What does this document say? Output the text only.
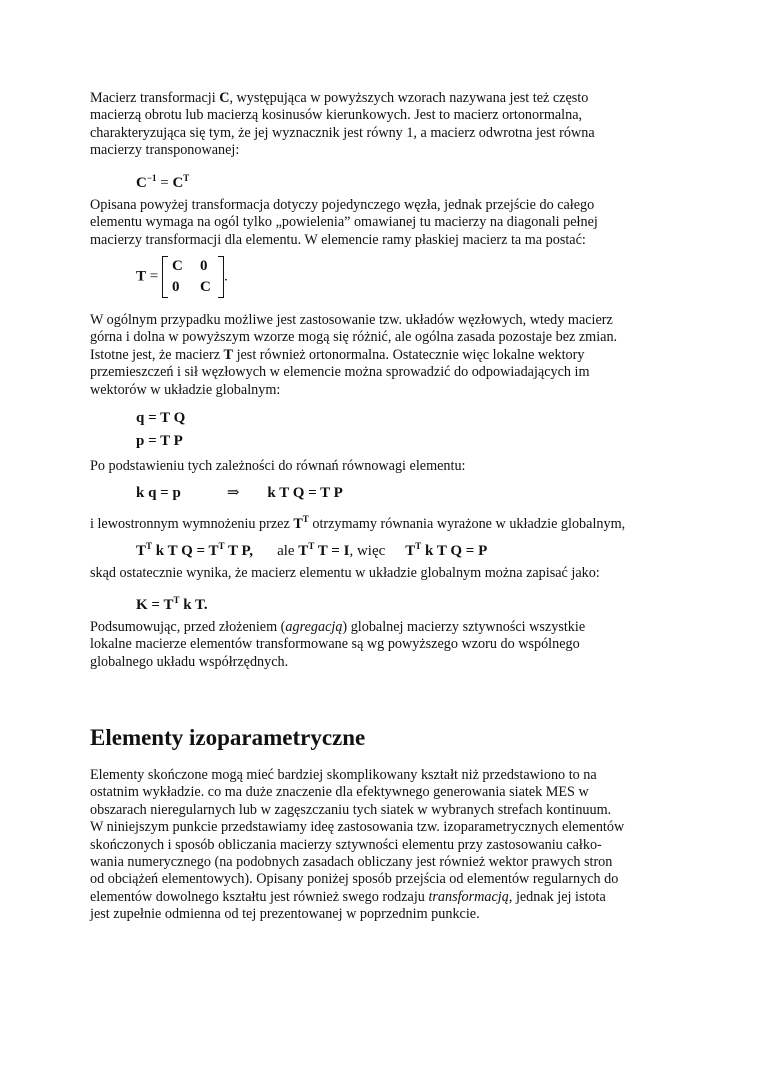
Macierz transformacji C, występująca w powyższych wzorach nazywana jest też często
macierzą obrotu lub macierzą kosinusów kierunkowych. Jest to macierz ortonormalna,
charakteryzująca się tym, że jej wyznacznik jest równy 1, a macierz odwrotna jest równa
macierzy transponowanej:

$C^{-1} = C^T$

Opisana powyżej transformacja dotyczy pojedynczego węzła, jednak przejście do całego
elementu wymaga na ogól tylko „powielenia” omawianej tu macierzy na diagonali pełnej
macierzy transformacji dla elementu. W elemencie ramy płaskiej macierz ta ma postać:

T =
C	0
0	C
.

W ogólnym przypadku możliwe jest zastosowanie tzw. układów węzłowych, wtedy macierz
górna i dolna w powyższym wzorze mogą się różnić, ale ogólna zasada pozostaje bez zmian.
Istotne jest, że macierz T jest również ortonormalna. Ostatecznie więc lokalne wektory
przemieszczeń i sił węzłowych w elemencie można sprowadzić do odpowiadających im
wektorów w układzie globalnym:

q = T Q
p = T P

Po podstawieniu tych zależności do równań równowagi elementu:

k q = p	⇒ k T Q = T P

i lewostronnym wymnożeniu przez $T^T$ otrzymamy równania wyrażone w układzie globalnym,

$T^T$ k T $Q = T^T$ T P, ale $T^T$ T = I, więc $T^T$ k T Q = P

skąd ostatecznie wynika, że macierz elementu w układzie globalnym można zapisać jako:

$K = T^T$ k T.

Podsumowując, przed złożeniem (agregacją) globalnej macierzy sztywności wszystkie
lokalne macierze elementów transformowane są wg powyższego wzoru do wspólnego
globalnego układu współrzędnych.

Elementy izoparametryczne

Elementy skończone mogą mieć bardziej skomplikowany kształt niż przedstawiono to na
ostatnim wykładzie. co ma duże znaczenie dla efektywnego generowania siatek MES w
obszarach nieregularnych lub w zagęszczaniu tych siatek w wybranych strefach kontinuum.
W niniejszym punkcie przedstawiamy ideę zastosowania tzw. izoparametrycznych elementów
skończonych i sposób obliczania macierzy sztywności elementu przy zastosowaniu całko-
wania numerycznego (na podobnych zasadach obliczany jest również wektor prawych stron
od obciążeń elementowych). Opisany poniżej sposób przejścia od elementów regularnych do
elementów dowolnego kształtu jest również swego rodzaju transformacją, jednak jej istota
jest zupełnie odmienna od tej prezentowanej w poprzednim punkcie.
